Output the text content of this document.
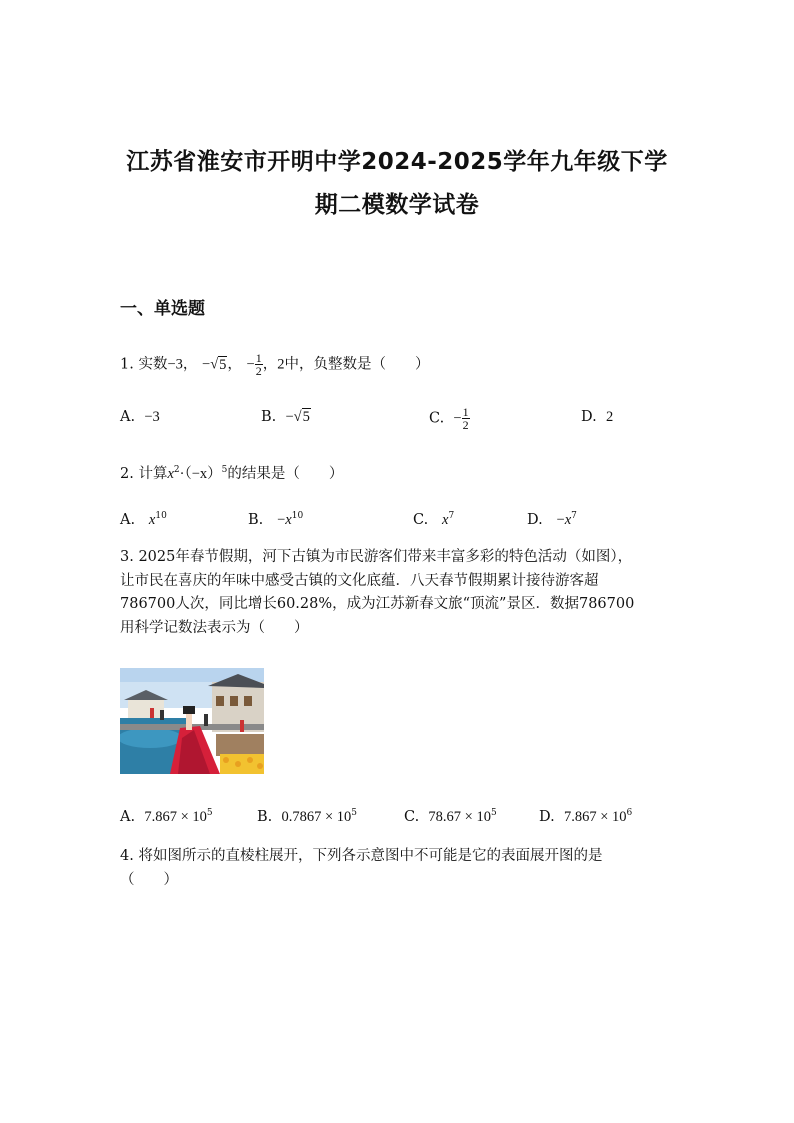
江苏省淮安市开明中学2024-2025学年九年级下学
期二模数学试卷
一、单选题
1. 实数−3， −√5， − $\frac{1}{2}$ ，2中，负整数是（　　）
A. −3	B. −√5	C. − $\frac{1}{2}$	D. 2
2. 计算$x^2\cdot(-x)^5$的结果是（　　）
A. $x^{10}$	B. $-x^{10}$	C. $x^7$	D. $-x^7$
3. 2025年春节假期，河下古镇为市民游客们带来丰富多彩的特色活动（如图），
让市民在喜庆的年味中感受古镇的文化底蕴．八天春节假期累计接待游客超
786700人次，同比增长60.28%，成为江苏新春文旅“顶流”景区．数据786700
用科学记数法表示为（　　）
A. $7.867 \times 10^5$	B. $0.7867 \times 10^5$	C. $78.67 \times 10^5$	D. $7.867 \times 10^6$
4. 将如图所示的直棱柱展开，下列各示意图中不可能是它的表面展开图的是
（　　）
